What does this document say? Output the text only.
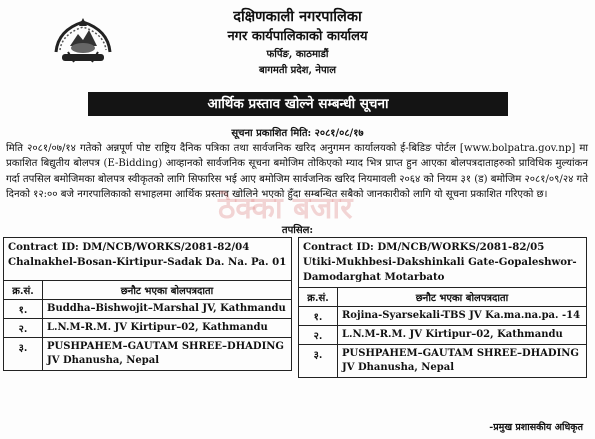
दक्षिणकाली नगरपालिका
नगर कार्यपालिकाको कार्यालय
फर्पिङ, काठमाडौं
बागमती प्रदेश, नेपाल
आर्थिक प्रस्ताव खोल्ने सम्बन्धी सूचना
सूचना प्रकाशित मिति: २०८१/०८/१७
मिति २०८१/०७/१४ गतेको अन्नपूर्ण पोष्ट राष्ट्रिय दैनिक पत्रिका तथा सार्वजनिक खरिद अनुगमन कार्यालयको ई-बिडिङ पोर्टल [www.bolpatra.gov.np] मा प्रकाशित बिद्युतीय बोलपत्र (E-Bidding) आव्हानको सार्वजनिक सूचना बमोजिम तोकिएको म्याद भित्र प्राप्त हुन आएका बोलपत्रदाताहरुको प्राविधिक मुल्यांकन गर्दा तपसिल बमोजिमका बोलपत्र स्वीकृतको लागि सिफारिस भई आए बमोजिम सार्वजनिक खरिद नियमावली २०६४ को नियम ३१ (ड) बमोजिम २०८१/०९/२४ गते दिनको १२:०० बजे नगरपालिकाको सभाहलमा आर्थिक प्रस्ताव खोलिने भएको हुँदा सम्बन्धित सबैको जानकारीको लागि यो सूचना प्रकाशित गरिएको छ।
ठेक्का बजार
तपसिल:
Contract ID: DM/NCB/WORKS/2081-82/04
Chalnakhel-Bosan-Kirtipur-Sadak Da. Na. Pa. 01	

क्र.सं.	छनौट भएका बोलपत्रदाता
१.	Buddha–Bishwojit–Marshal JV, Kathmandu
२.	L.N.M-R.M. JV Kirtipur–02, Kathmandu
३.	PUSHPAHEM–GAUTAM SHREE–DHADING JV Dhanusha, Nepal
Contract ID: DM/NCB/WORKS/2081-82/05
Utiki-Mukhbesi-Dakshinkali Gate-Gopaleshwor-Damodarghat Motarbato	

क्र.सं.	छनौट भएका बोलपत्रदाता
१.	Rojina-Syarsekali-TBS JV Ka.ma.na.pa. -14
२.	L.N.M-R.M. JV Kirtipur–02, Kathmandu
३.	PUSHPAHEM–GAUTAM SHREE–DHADING JV Dhanusha, Nepal
-प्रमुख प्रशासकीय अधिकृत
